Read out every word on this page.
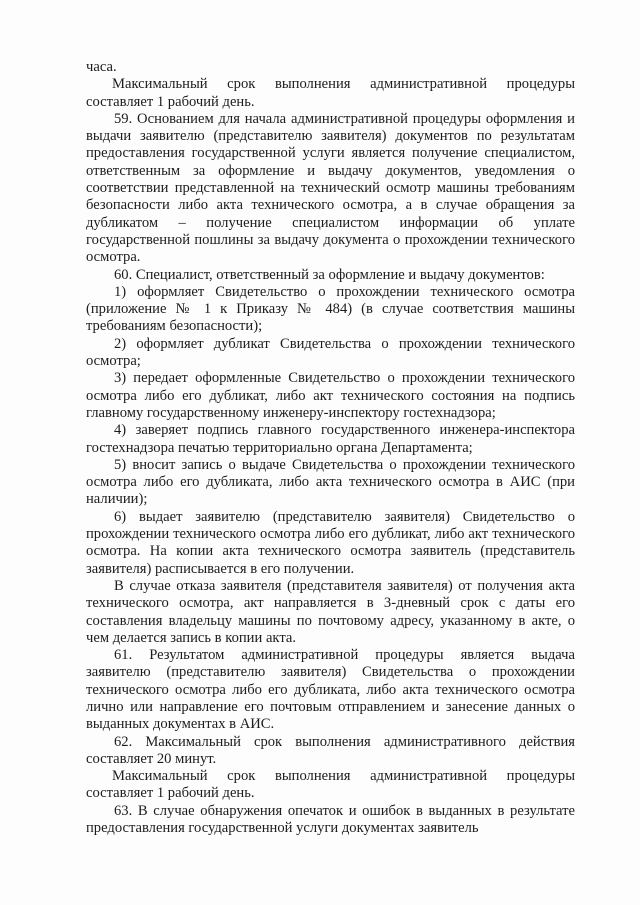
часа.

Максимальный срок выполнения административной процедуры составляет 1 рабочий день.

59. Основанием для начала административной процедуры оформления и выдачи заявителю (представителю заявителя) документов по результатам предоставления государственной услуги является получение специалистом, ответственным за оформление и выдачу документов, уведомления о соответствии представленной на технический осмотр машины требованиям безопасности либо акта технического осмотра, а в случае обращения за дубликатом – получение специалистом информации об уплате государственной пошлины за выдачу документа о прохождении технического осмотра.

60. Специалист, ответственный за оформление и выдачу документов:

1) оформляет Свидетельство о прохождении технического осмотра (приложение № 1 к Приказу № 484) (в случае соответствия машины требованиям безопасности);

2) оформляет дубликат Свидетельства о прохождении технического осмотра;

3) передает оформленные Свидетельство о прохождении технического осмотра либо его дубликат, либо акт технического состояния на подпись главному государственному инженеру-инспектору гостехнадзора;

4) заверяет подпись главного государственного инженера-инспектора гостехнадзора печатью территориально органа Департамента;

5) вносит запись о выдаче Свидетельства о прохождении технического осмотра либо его дубликата, либо акта технического осмотра в АИС (при наличии);

6) выдает заявителю (представителю заявителя) Свидетельство о прохождении технического осмотра либо его дубликат, либо акт технического осмотра. На копии акта технического осмотра заявитель (представитель заявителя) расписывается в его получении.

В случае отказа заявителя (представителя заявителя) от получения акта технического осмотра, акт направляется в 3-дневный срок с даты его составления владельцу машины по почтовому адресу, указанному в акте, о чем делается запись в копии акта.

61. Результатом административной процедуры является выдача заявителю (представителю заявителя) Свидетельства о прохождении технического осмотра либо его дубликата, либо акта технического осмотра лично или направление его почтовым отправлением и занесение данных о выданных документах в АИС.

62. Максимальный срок выполнения административного действия составляет 20 минут.

Максимальный срок выполнения административной процедуры составляет 1 рабочий день.

63. В случае обнаружения опечаток и ошибок в выданных в результате предоставления государственной услуги документах заявитель
